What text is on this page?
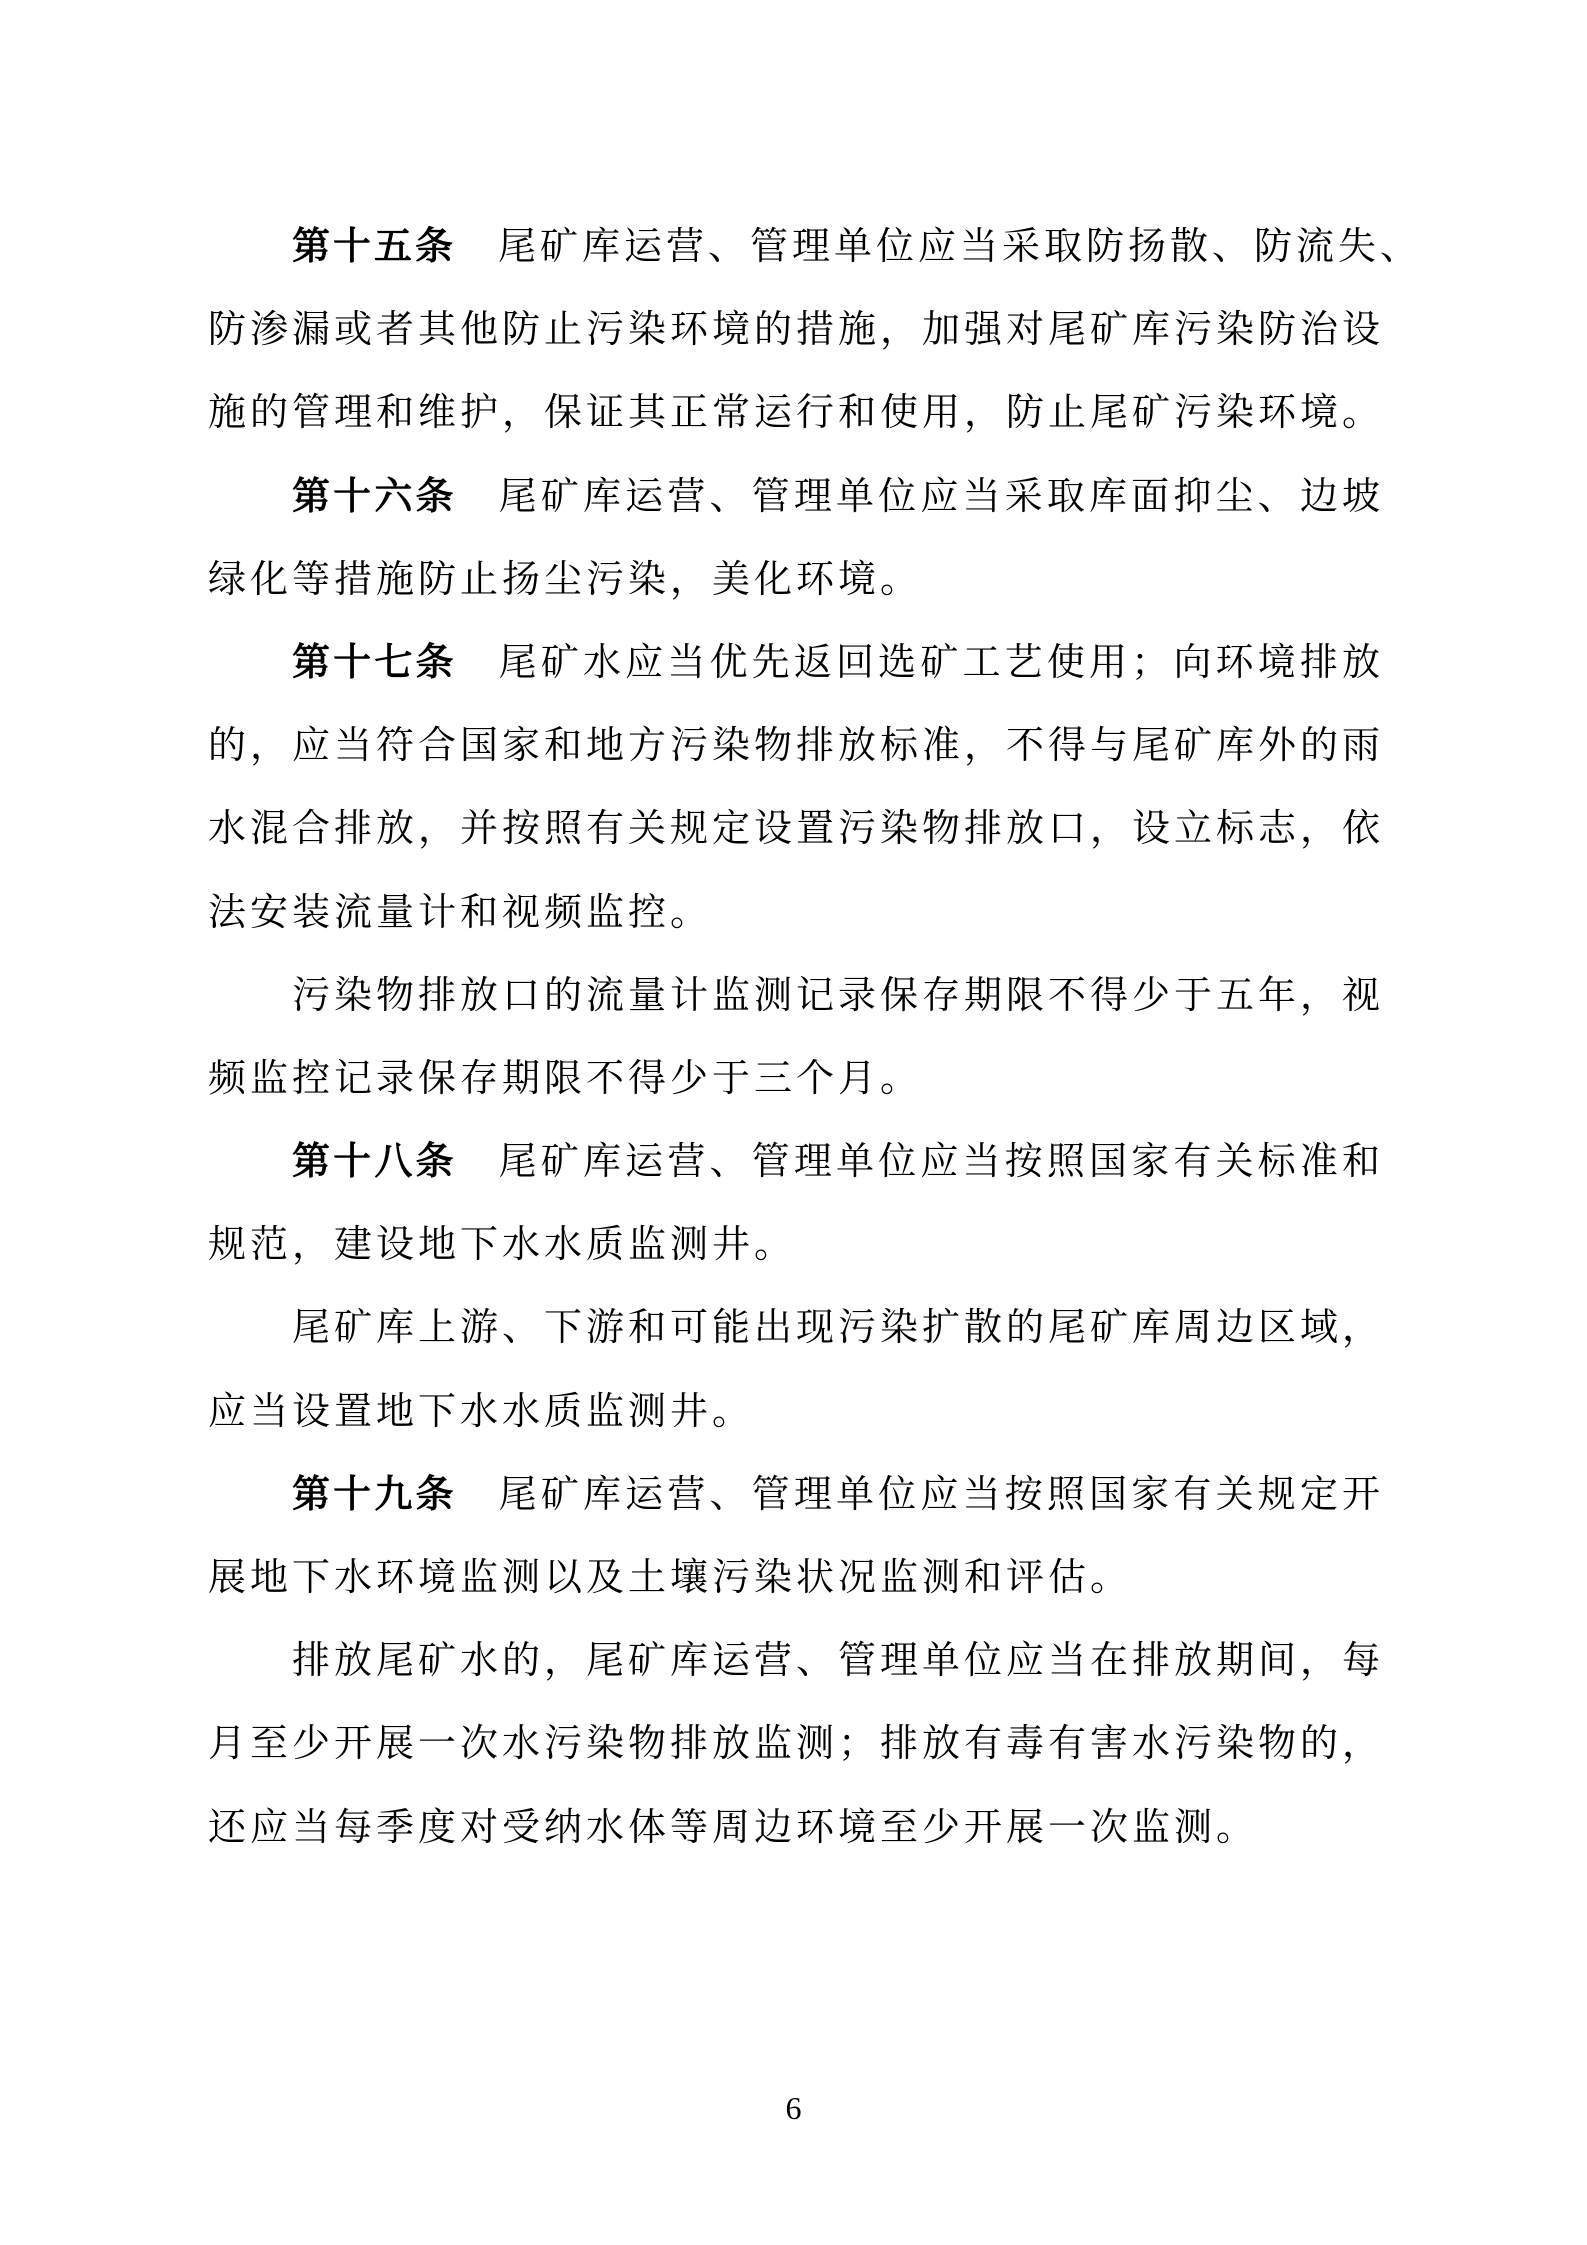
第十五条 尾矿库运营、管理单位应当采取防扬散、防流失、
防渗漏或者其他防止污染环境的措施，加强对尾矿库污染防治设
施的管理和维护，保证其正常运行和使用，防止尾矿污染环境。
第十六条 尾矿库运营、管理单位应当采取库面抑尘、边坡
绿化等措施防止扬尘污染，美化环境。
第十七条 尾矿水应当优先返回选矿工艺使用；向环境排放
的，应当符合国家和地方污染物排放标准，不得与尾矿库外的雨
水混合排放，并按照有关规定设置污染物排放口，设立标志，依
法安装流量计和视频监控。
污染物排放口的流量计监测记录保存期限不得少于五年，视
频监控记录保存期限不得少于三个月。
第十八条 尾矿库运营、管理单位应当按照国家有关标准和
规范，建设地下水水质监测井。
尾矿库上游、下游和可能出现污染扩散的尾矿库周边区域，
应当设置地下水水质监测井。
第十九条 尾矿库运营、管理单位应当按照国家有关规定开
展地下水环境监测以及土壤污染状况监测和评估。
排放尾矿水的，尾矿库运营、管理单位应当在排放期间，每
月至少开展一次水污染物排放监测；排放有毒有害水污染物的，
还应当每季度对受纳水体等周边环境至少开展一次监测。
6
